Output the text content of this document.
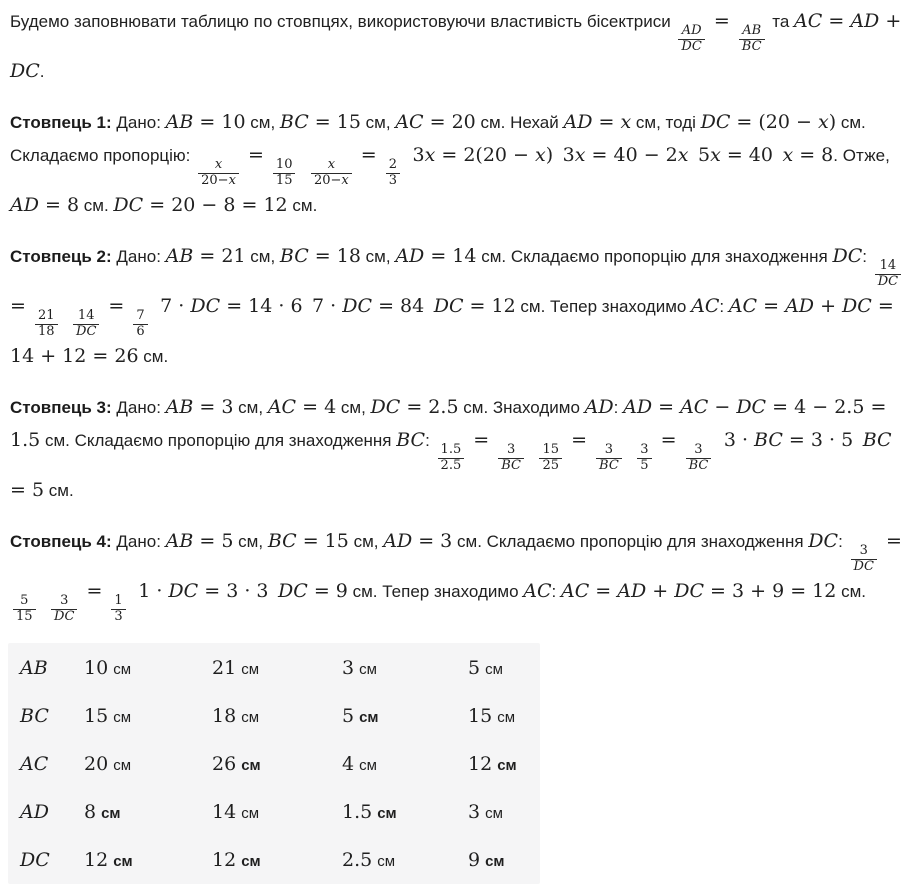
Будемо заповнювати таблицю по стовпцях, використовуючи властивість бісектриси
$\frac{AD}{DC}$
=
$\frac{AB}{BC}$
та AC = AD + DC.

Стовпець 1: Дано: AB = 10 см, BC = 15 см, AC = 20 см. Нехай AD = x см, тоді DC = (20 − x) см. Складаємо пропорцію:
$\frac{x}{20-x}$
=
$\frac{10}{15}$
  $\frac{x}{20-x}$
=
$\frac{2}{3}$
 3x = 2(20 − x) 3x = 40 − 2x 5x = 40 x = 8. Отже, AD = 8 см. DC = 20 − 8 = 12 см.

Стовпець 2: Дано: AB = 21 см, BC = 18 см, AD = 14 см. Складаємо пропорцію для знаходження DC:
$\frac{14}{DC}$
=
$\frac{21}{18}$
  $\frac{14}{DC}$
=
$\frac{7}{6}$
 7 · DC = 14 · 6 7 · DC = 84 DC = 12 см. Тепер знаходимо AC: AC = AD + DC = 14 + 12 = 26 см.

Стовпець 3: Дано: AB = 3 см, AC = 4 см, DC = 2.5 см. Знаходимо AD: AD = AC − DC = 4 − 2.5 = 1.5 см. Складаємо пропорцію для знаходження BC:
$\frac{1.5}{2.5}$
=
$\frac{3}{BC}$
  $\frac{15}{25}$
=
$\frac{3}{BC}$
  $\frac{3}{5}$
=
$\frac{3}{BC}$
 3 · BC = 3 · 5 BC = 5 см.

Стовпець 4: Дано: AB = 5 см, BC = 15 см, AD = 3 см. Складаємо пропорцію для знаходження DC:
$\frac{3}{DC}$
=
$\frac{5}{15}$
  $\frac{3}{DC}$
=
$\frac{1}{3}$
 1 · DC = 3 · 3 DC = 9 см. Тепер знаходимо AC: AC = AD + DC = 3 + 9 = 12 см.

AB	10 см	21 см	3 см	5 см
BC	15 см	18 см	5 см	15 см
AC	20 см	26 см	4 см	12 см
AD	8 см	14 см	1.5 см	3 см
DC	12 см	12 см	2.5 см	9 см
